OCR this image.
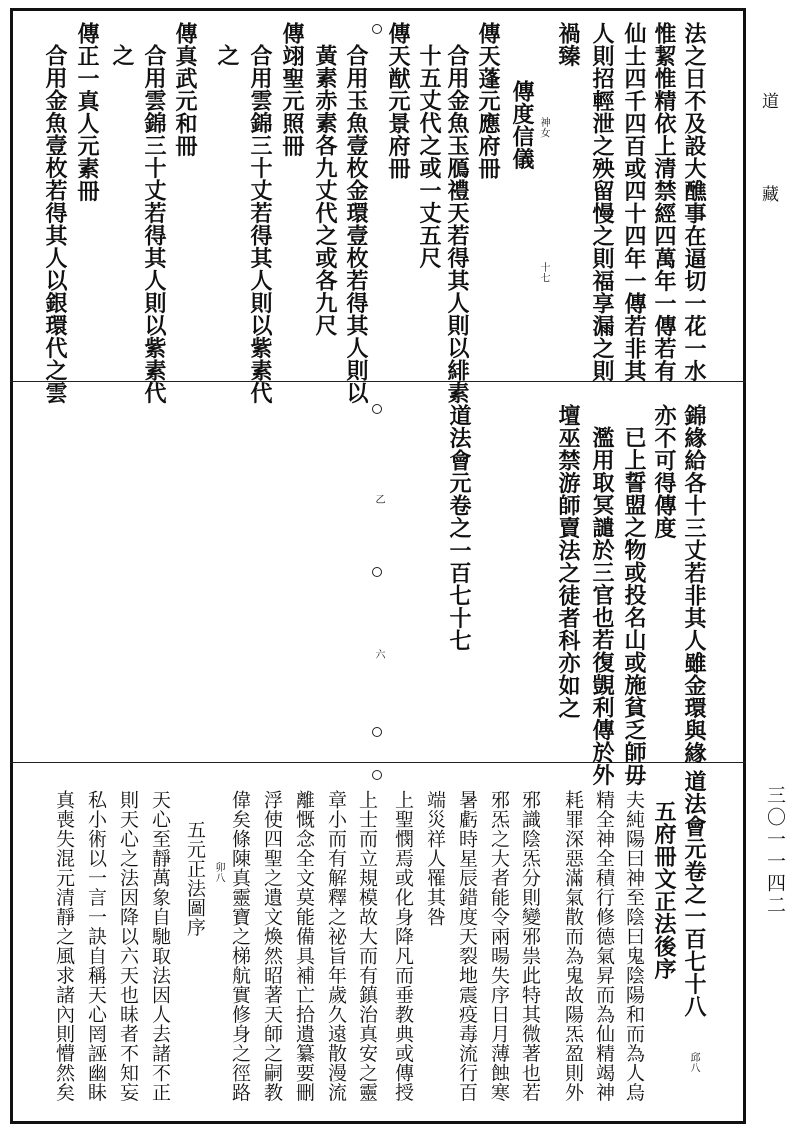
道 藏
三〇一一四二
法之日不及設大醮事在逼切一花一水
惟絜惟精依上清禁經四萬年一傳若有
仙士四千四百或四十四年一傳若非其
人則招輕泄之殃留慢之則福享漏之則
禍臻
傳度信儀 神女
十七
傳天蓬元應府冊
合用金魚玉鴈禮天若得其人則以緋素
十五丈代之或一丈五尺
傳天猷元景府冊
合用玉魚壹枚金環壹枚若得其人則以
黃素赤素各九丈代之或各九尺
傳翊聖元照冊
合用雲錦三十丈若得其人則以紫素代
之
傳真武元和冊
合用雲錦三十丈若得其人則以紫素代
之
傳正一真人元素冊
合用金魚壹枚若得其人以銀環代之雲
錦緣給各十三丈若非其人雖金環與緣
亦不可得傳度
已上誓盟之物或投名山或施貧乏師毋
濫用取冥譴於三官也若復覬利傳於外
壇巫禁游師賣法之徒者科亦如之
道法會元卷之一百七十七
乙
六
道法會元卷之一百七十八
五府冊文正法後序
邱八
夫純陽曰神至陰曰鬼陰陽和而為人烏
精全神全積行修德氣昇而為仙精竭神
耗罪深惡滿氣散而為鬼故陽炁盈則外
邪識陰炁分則變邪祟此特其微著也若
邪炁之大者能令兩暘失序日月薄蝕寒
暑虧時星辰錯度天裂地震疫毒流行百
端災祥人罹其咎
上聖憫焉或化身降凡而垂教典或傳授
上士而立規模故大而有鎮治真安之靈
章小而有解釋之祕旨年歲久遠散漫流
離慨念全文莫能備具補亡拾遺纂要刪
浮使四聖之遺文煥然昭著天師之嗣教
偉矣條陳真靈寶之梯航實修身之徑路
卯八
五元正法圖序
天心至靜萬象自馳取法因人去諸不正
則天心之法因降以六天也昧者不知妄
私小術以一言一訣自稱天心罔誣幽眛
真喪失混元清靜之風求諸內則懵然矣
